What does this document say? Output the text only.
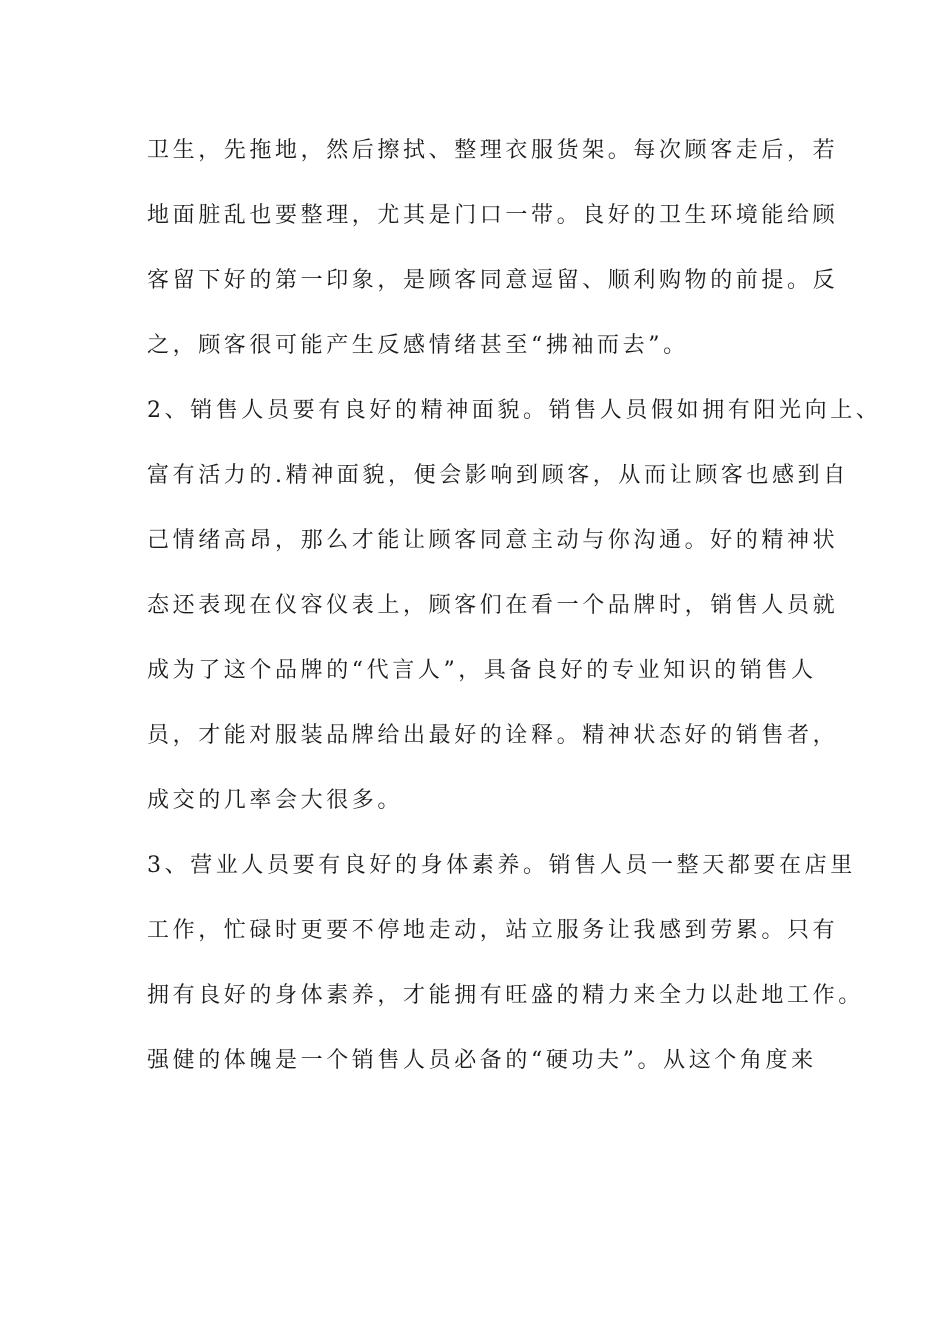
卫生，先拖地，然后擦拭、整理衣服货架。每次顾客走后，若
地面脏乱也要整理，尤其是门口一带。良好的卫生环境能给顾
客留下好的第一印象，是顾客同意逗留、顺利购物的前提。反
之，顾客很可能产生反感情绪甚至“拂袖而去”。
2、销售人员要有良好的精神面貌。销售人员假如拥有阳光向上、
富有活力的.精神面貌，便会影响到顾客，从而让顾客也感到自
己情绪高昂，那么才能让顾客同意主动与你沟通。好的精神状
态还表现在仪容仪表上，顾客们在看一个品牌时，销售人员就
成为了这个品牌的“代言人”，具备良好的专业知识的销售人
员，才能对服装品牌给出最好的诠释。精神状态好的销售者，
成交的几率会大很多。
3、营业人员要有良好的身体素养。销售人员一整天都要在店里
工作，忙碌时更要不停地走动，站立服务让我感到劳累。只有
拥有良好的身体素养，才能拥有旺盛的精力来全力以赴地工作。
强健的体魄是一个销售人员必备的“硬功夫”。从这个角度来
